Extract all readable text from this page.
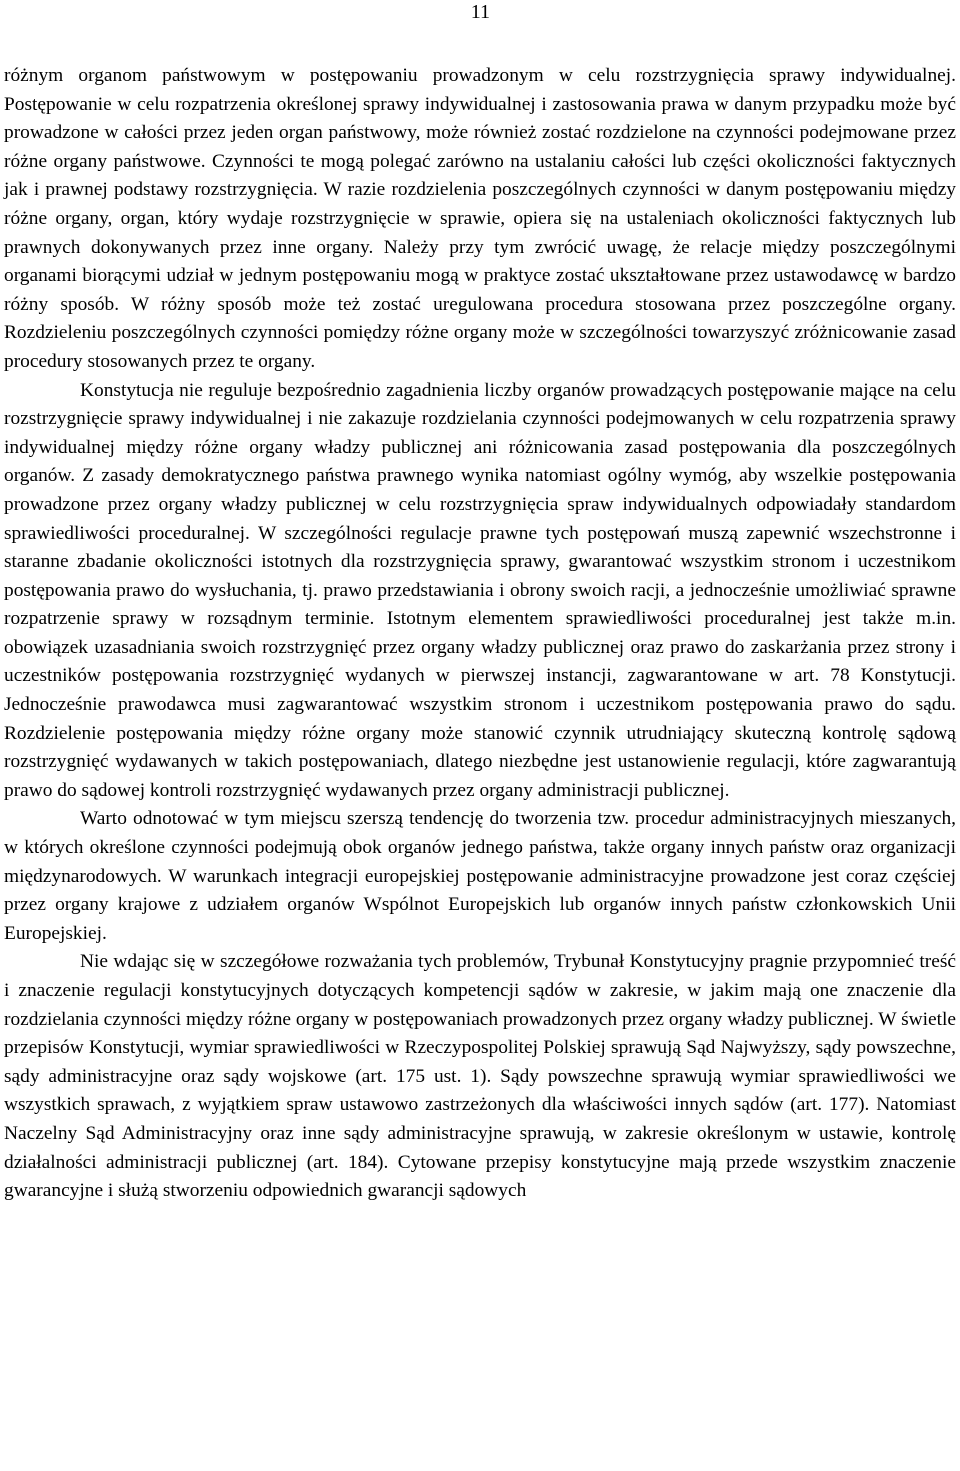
11

różnym organom państwowym w postępowaniu prowadzonym w celu rozstrzygnięcia sprawy indywidualnej. Postępowanie w celu rozpatrzenia określonej sprawy indywidualnej i zastosowania prawa w danym przypadku może być prowadzone w całości przez jeden organ państwowy, może również zostać rozdzielone na czynności podejmowane przez różne organy państwowe. Czynności te mogą polegać zarówno na ustalaniu całości lub części okoliczności faktycznych jak i prawnej podstawy rozstrzygnięcia. W razie rozdzielenia poszczególnych czynności w danym postępowaniu między różne organy, organ, który wydaje rozstrzygnięcie w sprawie, opiera się na ustaleniach okoliczności faktycznych lub prawnych dokonywanych przez inne organy. Należy przy tym zwrócić uwagę, że relacje między poszczególnymi organami biorącymi udział w jednym postępowaniu mogą w praktyce zostać ukształtowane przez ustawodawcę w bardzo różny sposób. W różny sposób może też zostać uregulowana procedura stosowana przez poszczególne organy. Rozdzieleniu poszczególnych czynności pomiędzy różne organy może w szczególności towarzyszyć zróżnicowanie zasad procedury stosowanych przez te organy.

Konstytucja nie reguluje bezpośrednio zagadnienia liczby organów prowadzących postępowanie mające na celu rozstrzygnięcie sprawy indywidualnej i nie zakazuje rozdzielania czynności podejmowanych w celu rozpatrzenia sprawy indywidualnej między różne organy władzy publicznej ani różnicowania zasad postępowania dla poszczególnych organów. Z zasady demokratycznego państwa prawnego wynika natomiast ogólny wymóg, aby wszelkie postępowania prowadzone przez organy władzy publicznej w celu rozstrzygnięcia spraw indywidualnych odpowiadały standardom sprawiedliwości proceduralnej. W szczególności regulacje prawne tych postępowań muszą zapewnić wszechstronne i staranne zbadanie okoliczności istotnych dla rozstrzygnięcia sprawy, gwarantować wszystkim stronom i uczestnikom postępowania prawo do wysłuchania, tj. prawo przedstawiania i obrony swoich racji, a jednocześnie umożliwiać sprawne rozpatrzenie sprawy w rozsądnym terminie. Istotnym elementem sprawiedliwości proceduralnej jest także m.in. obowiązek uzasadniania swoich rozstrzygnięć przez organy władzy publicznej oraz prawo do zaskarżania przez strony i uczestników postępowania rozstrzygnięć wydanych w pierwszej instancji, zagwarantowane w art. 78 Konstytucji. Jednocześnie prawodawca musi zagwarantować wszystkim stronom i uczestnikom postępowania prawo do sądu. Rozdzielenie postępowania między różne organy może stanowić czynnik utrudniający skuteczną kontrolę sądową rozstrzygnięć wydawanych w takich postępowaniach, dlatego niezbędne jest ustanowienie regulacji, które zagwarantują prawo do sądowej kontroli rozstrzygnięć wydawanych przez organy administracji publicznej.

Warto odnotować w tym miejscu szerszą tendencję do tworzenia tzw. procedur administracyjnych mieszanych, w których określone czynności podejmują obok organów jednego państwa, także organy innych państw oraz organizacji międzynarodowych. W warunkach integracji europejskiej postępowanie administracyjne prowadzone jest coraz częściej przez organy krajowe z udziałem organów Wspólnot Europejskich lub organów innych państw członkowskich Unii Europejskiej.

Nie wdając się w szczegółowe rozważania tych problemów, Trybunał Konstytucyjny pragnie przypomnieć treść i znaczenie regulacji konstytucyjnych dotyczących kompetencji sądów w zakresie, w jakim mają one znaczenie dla rozdzielania czynności między różne organy w postępowaniach prowadzonych przez organy władzy publicznej. W świetle przepisów Konstytucji, wymiar sprawiedliwości w Rzeczypospolitej Polskiej sprawują Sąd Najwyższy, sądy powszechne, sądy administracyjne oraz sądy wojskowe (art. 175 ust. 1). Sądy powszechne sprawują wymiar sprawiedliwości we wszystkich sprawach, z wyjątkiem spraw ustawowo zastrzeżonych dla właściwości innych sądów (art. 177). Natomiast Naczelny Sąd Administracyjny oraz inne sądy administracyjne sprawują, w zakresie określonym w ustawie, kontrolę działalności administracji publicznej (art. 184). Cytowane przepisy konstytucyjne mają przede wszystkim znaczenie gwarancyjne i służą stworzeniu odpowiednich gwarancji sądowych
